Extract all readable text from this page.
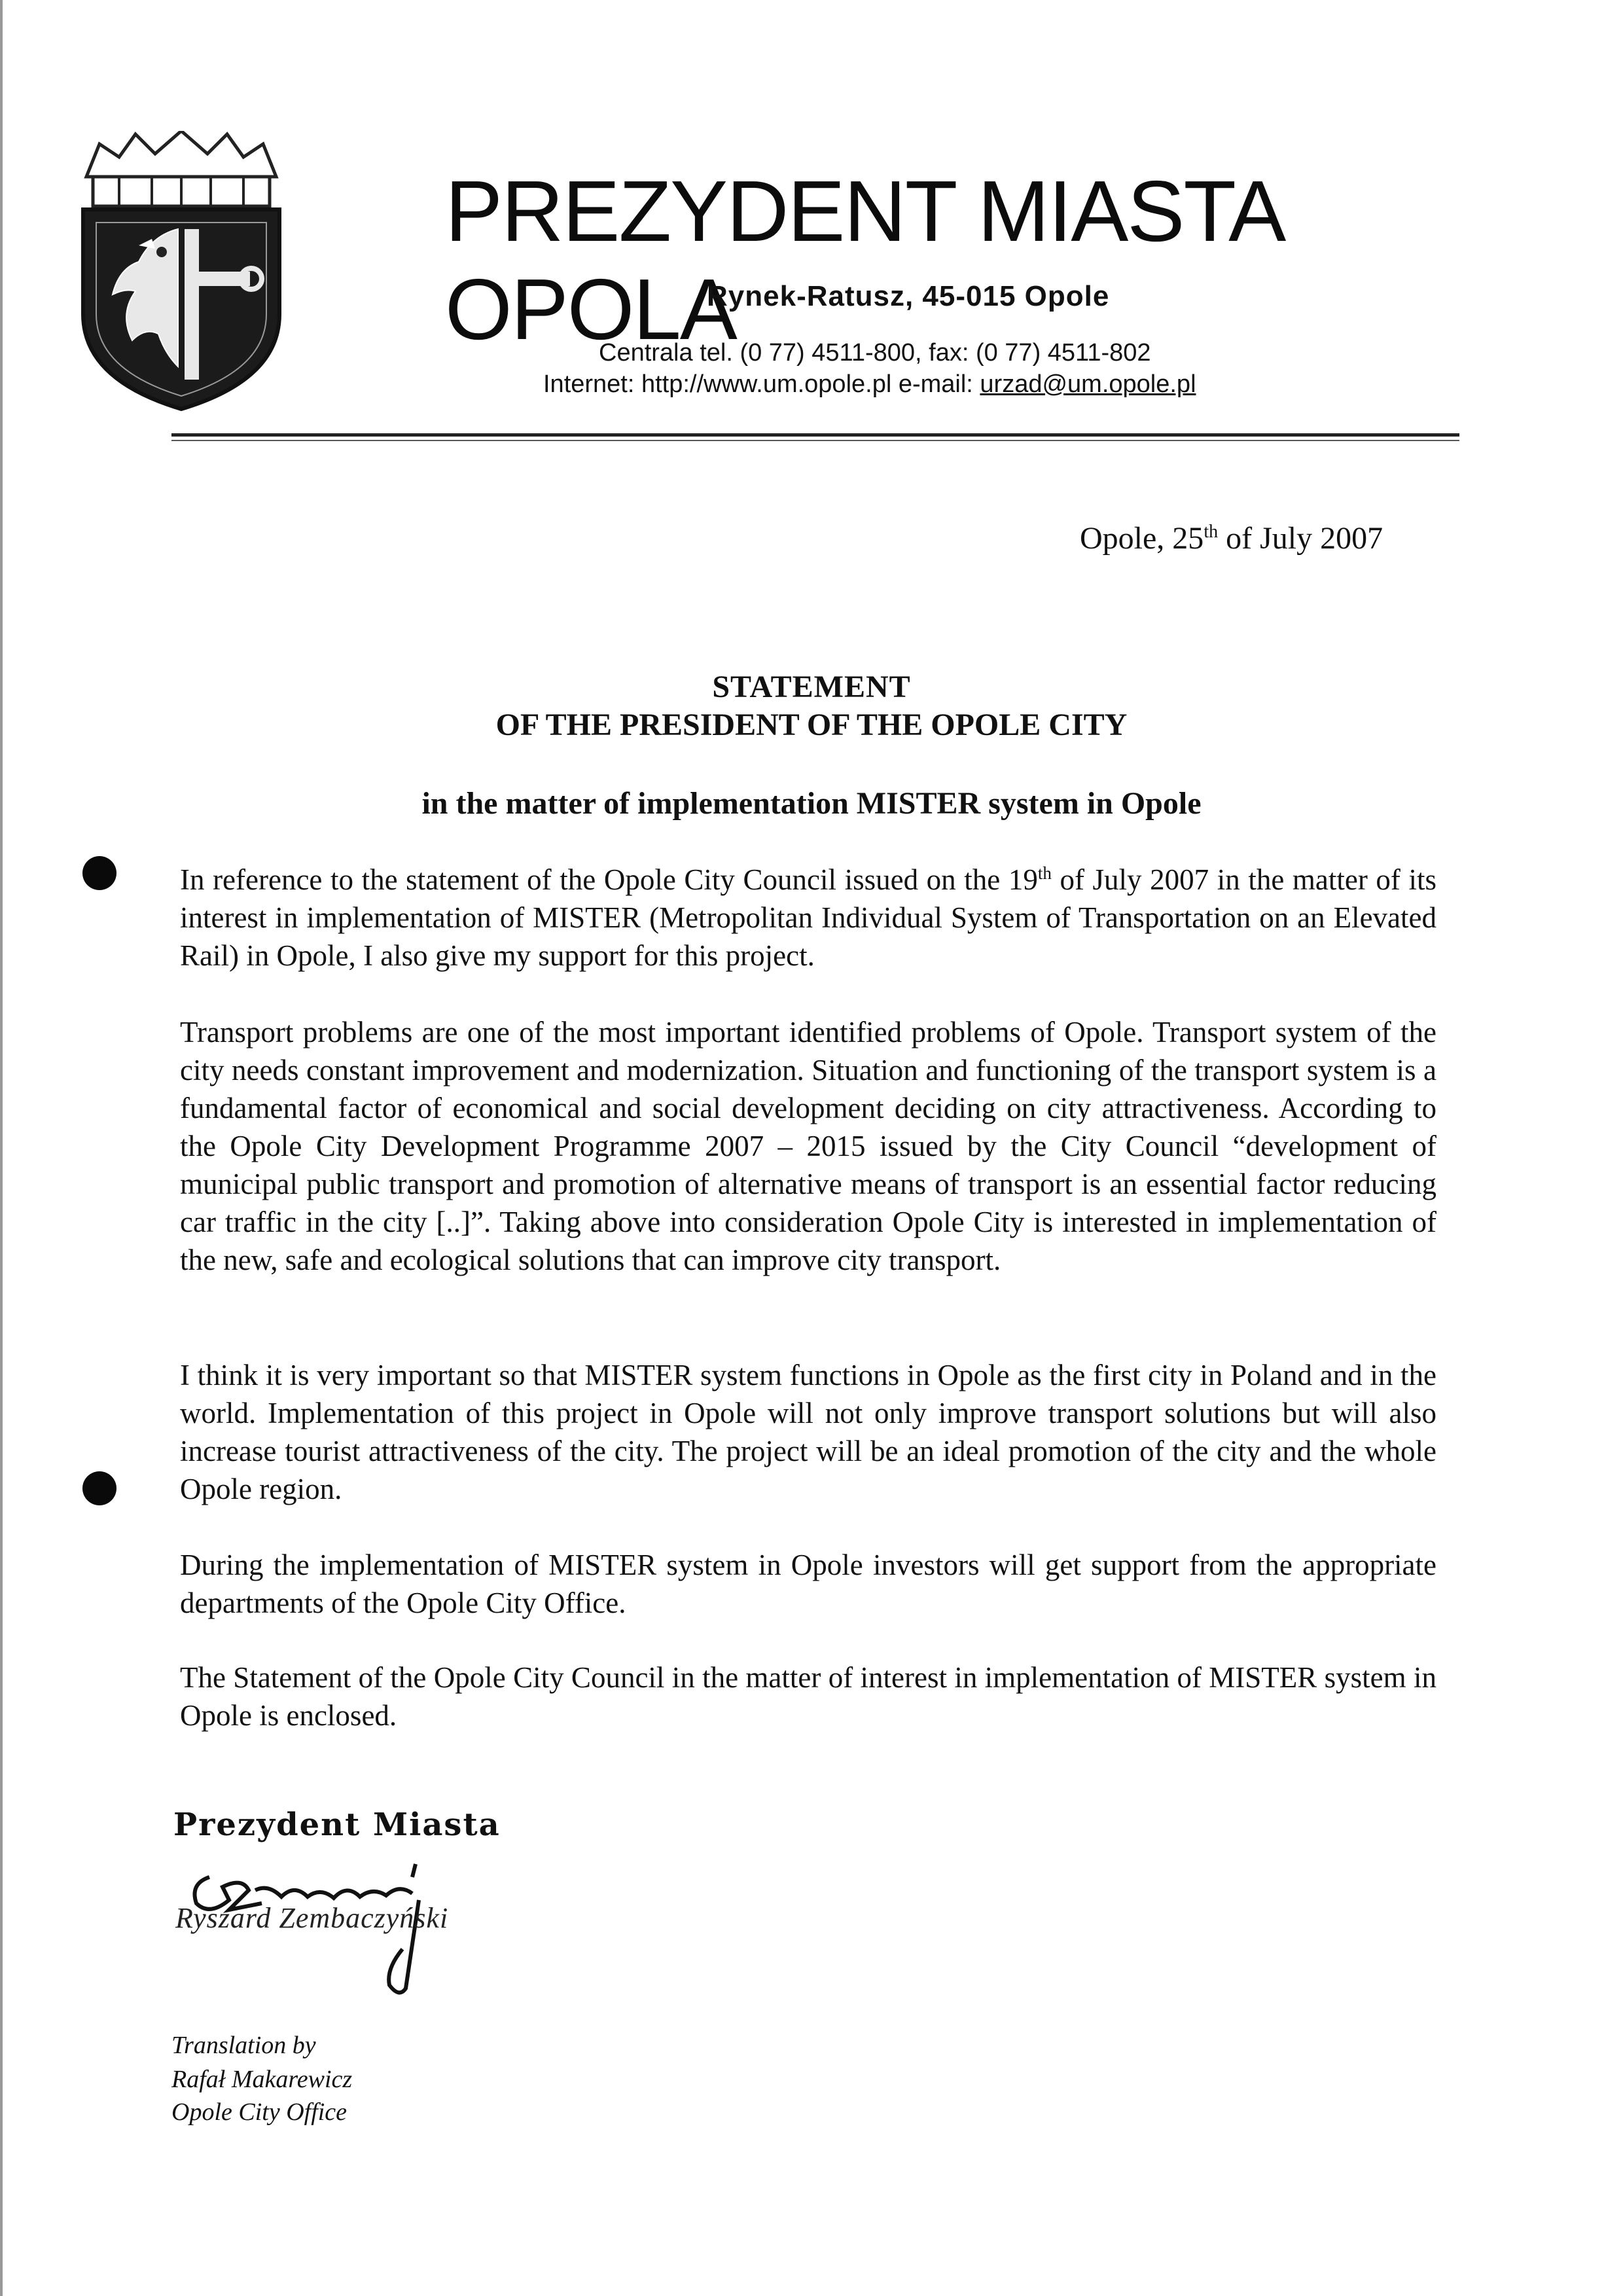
PREZYDENT MIASTA OPOLA
Rynek-Ratusz, 45-015 Opole
Centrala tel. (0 77) 4511-800, fax: (0 77) 4511-802
Internet: http://www.um.opole.pl e-mail: urzad@um.opole.pl
Opole, 25th of July 2007
STATEMENT
OF THE PRESIDENT OF THE OPOLE CITY
in the matter of implementation MISTER system in Opole
In reference to the statement of the Opole City Council issued on the 19th of July 2007 in the matter of its interest in implementation of MISTER (Metropolitan Individual System of Transportation on an Elevated Rail) in Opole, I also give my support for this project.
Transport problems are one of the most important identified problems of Opole. Transport system of the city needs constant improvement and modernization. Situation and functioning of the transport system is a fundamental factor of economical and social development deciding on city attractiveness. According to the Opole City Development Programme 2007 – 2015 issued by the City Council “development of municipal public transport and promotion of alternative means of transport is an essential factor reducing car traffic in the city [..]”. Taking above into consideration Opole City is interested in implementation of the new, safe and ecological solutions that can improve city transport.
I think it is very important so that MISTER system functions in Opole as the first city in Poland and in the world. Implementation of this project in Opole will not only improve transport solutions but will also increase tourist attractiveness of the city. The project will be an ideal promotion of the city and the whole Opole region.
During the implementation of MISTER system in Opole investors will get support from the appropriate departments of the Opole City Office.
The Statement of the Opole City Council in the matter of interest in implementation of MISTER system in Opole is enclosed.
Prezydent Miasta
Ryszard Zembaczyński
Translation by
Rafał Makarewicz
Opole City Office
